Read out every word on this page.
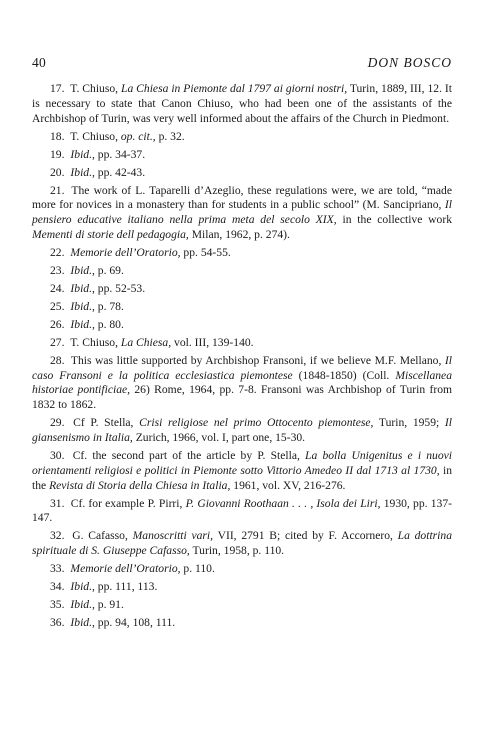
40	DON BOSCO

17. T. Chiuso, La Chiesa in Piemonte dal 1797 ai giorni nostri, Turin, 1889, III, 12. It is necessary to state that Canon Chiuso, who had been one of the assistants of the Archbishop of Turin, was very well informed about the affairs of the Church in Piedmont.

18. T. Chiuso, op. cit., p. 32.

19. Ibid., pp. 34-37.

20. Ibid., pp. 42-43.

21. The work of L. Taparelli d’Azeglio, these regulations were, we are told, “made more for novices in a monastery than for students in a public school” (M. Sancipriano, Il pensiero educative italiano nella prima meta del secolo XIX, in the collective work Mementi di storie dell pedagogia, Milan, 1962, p. 274).

22. Memorie dell’Oratorio, pp. 54-55.

23. Ibid., p. 69.

24. Ibid., pp. 52-53.

25. Ibid., p. 78.

26. Ibid., p. 80.

27. T. Chiuso, La Chiesa, vol. III, 139-140.

28. This was little supported by Archbishop Fransoni, if we believe M.F. Mellano, Il caso Fransoni e la politica ecclesiastica piemontese (1848-1850) (Coll. Miscellanea historiae pontificiae, 26) Rome, 1964, pp. 7-8. Fransoni was Archbishop of Turin from 1832 to 1862.

29. Cf P. Stella, Crisi religiose nel primo Ottocento piemontese, Turin, 1959; Il giansenismo in Italia, Zurich, 1966, vol. I, part one, 15-30.

30. Cf. the second part of the article by P. Stella, La bolla Unigenitus e i nuovi orientamenti religiosi e politici in Piemonte sotto Vittorio Amedeo II dal 1713 al 1730, in the Revista di Storia della Chiesa in Italia, 1961, vol. XV, 216-276.

31. Cf. for example P. Pirri, P. Giovanni Roothaan . . . , Isola dei Liri, 1930, pp. 137-147.

32. G. Cafasso, Manoscritti vari, VII, 2791 B; cited by F. Accornero, La dottrina spirituale di S. Giuseppe Cafasso, Turin, 1958, p. 110.

33. Memorie dell’Oratorio, p. 110.

34. Ibid., pp. 111, 113.

35. Ibid., p. 91.

36. Ibid., pp. 94, 108, 111.
